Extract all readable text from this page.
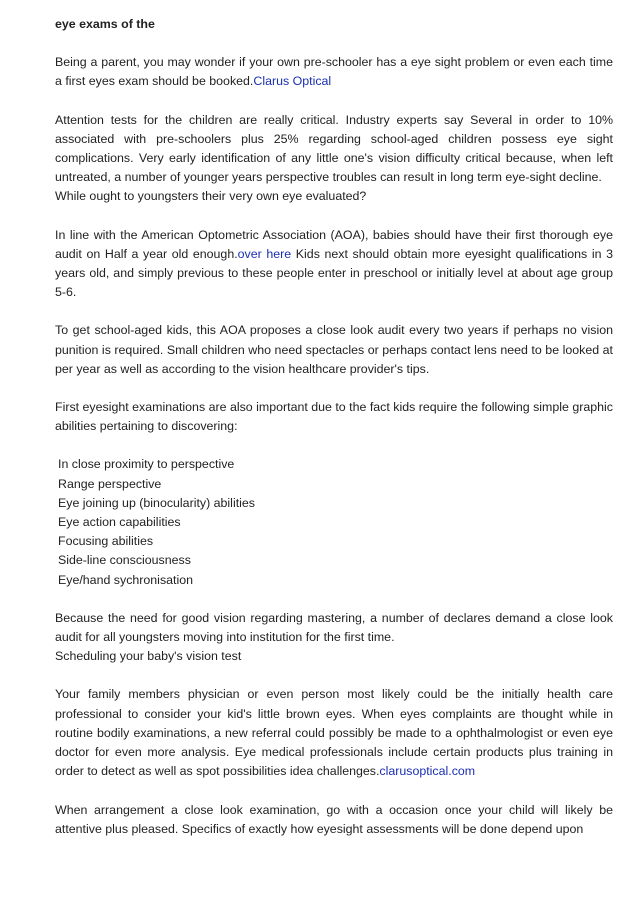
eye exams of the

Being a parent, you may wonder if your own pre-schooler has a eye sight problem or even each time a first eyes exam should be booked.Clarus Optical

Attention tests for the children are really critical. Industry experts say Several in order to 10% associated with pre-schoolers plus 25% regarding school-aged children possess eye sight complications. Very early identification of any little one's vision difficulty critical because, when left untreated, a number of younger years perspective troubles can result in long term eye-sight decline.
While ought to youngsters their very own eye evaluated?

In line with the American Optometric Association (AOA), babies should have their first thorough eye audit on Half a year old enough.over here Kids next should obtain more eyesight qualifications in 3 years old, and simply previous to these people enter in preschool or initially level at about age group 5-6.

To get school-aged kids, this AOA proposes a close look audit every two years if perhaps no vision punition is required. Small children who need spectacles or perhaps contact lens need to be looked at per year as well as according to the vision healthcare provider's tips.

First eyesight examinations are also important due to the fact kids require the following simple graphic abilities pertaining to discovering:

In close proximity to perspective
Range perspective
Eye joining up (binocularity) abilities
Eye action capabilities
Focusing abilities
Side-line consciousness
Eye/hand sychronisation

Because the need for good vision regarding mastering, a number of declares demand a close look audit for all youngsters moving into institution for the first time.
Scheduling your baby's vision test

Your family members physician or even person most likely could be the initially health care professional to consider your kid's little brown eyes. When eyes complaints are thought while in routine bodily examinations, a new referral could possibly be made to a ophthalmologist or even eye doctor for even more analysis. Eye medical professionals include certain products plus training in order to detect as well as spot possibilities idea challenges.clarusoptical.com

When arrangement a close look examination, go with a occasion once your child will likely be attentive plus pleased. Specifics of exactly how eyesight assessments will be done depend upon
